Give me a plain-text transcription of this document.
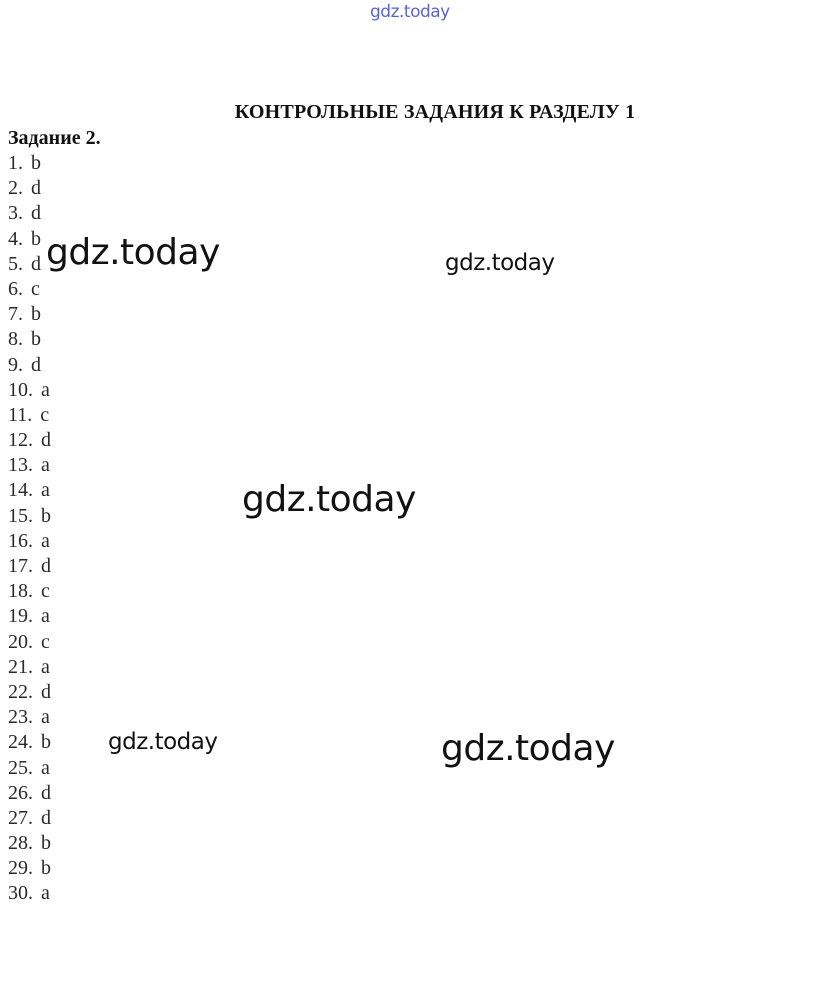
gdz.today
КОНТРОЛЬНЫЕ ЗАДАНИЯ К РАЗДЕЛУ 1
Задание 2.
1. b
2. d
3. d
4. b
5. d
6. c
7. b
8. b
9. d
10. a
11. c
12. d
13. a
14. a
15. b
16. a
17. d
18. c
19. a
20. c
21. a
22. d
23. a
24. b
25. a
26. d
27. d
28. b
29. b
30. a
gdz.today	gdz.today
gdz.today
gdz.today	gdz.today
